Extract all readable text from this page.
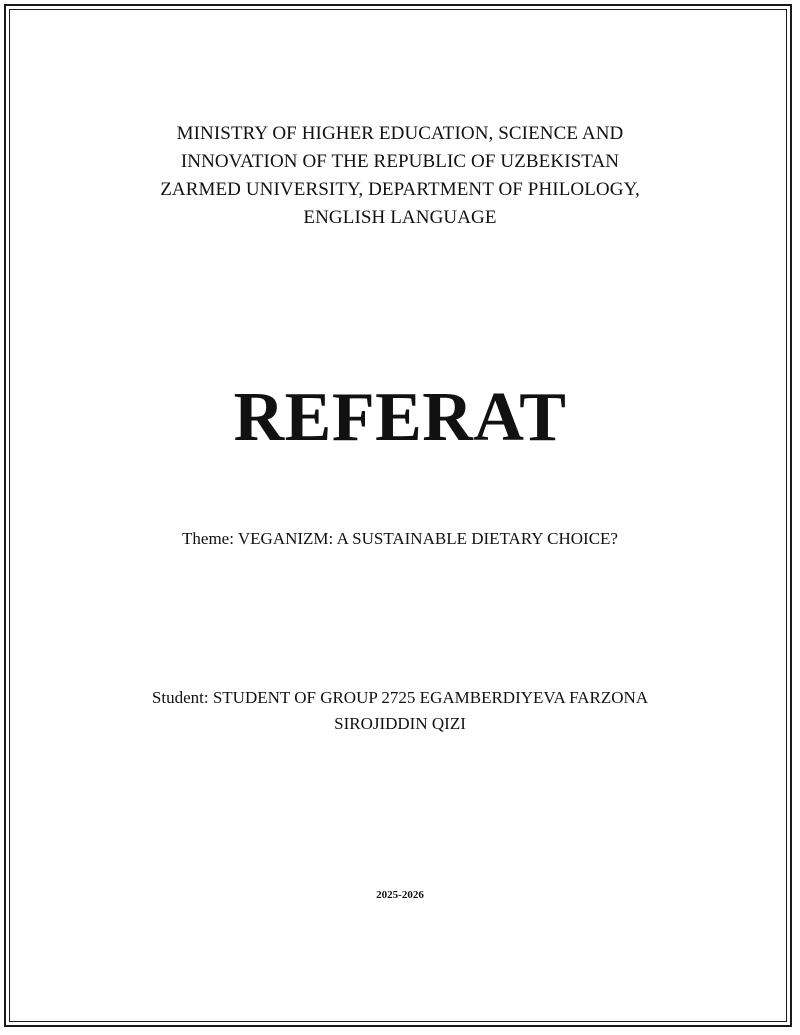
MINISTRY OF HIGHER EDUCATION, SCIENCE AND
INNOVATION OF THE REPUBLIC OF UZBEKISTAN
ZARMED UNIVERSITY, DEPARTMENT OF PHILOLOGY,
ENGLISH LANGUAGE
REFERAT
Theme: VEGANIZM: A SUSTAINABLE DIETARY CHOICE?
Student: STUDENT OF GROUP 2725 EGAMBERDIYEVA FARZONA
SIROJIDDIN QIZI
2025-2026
